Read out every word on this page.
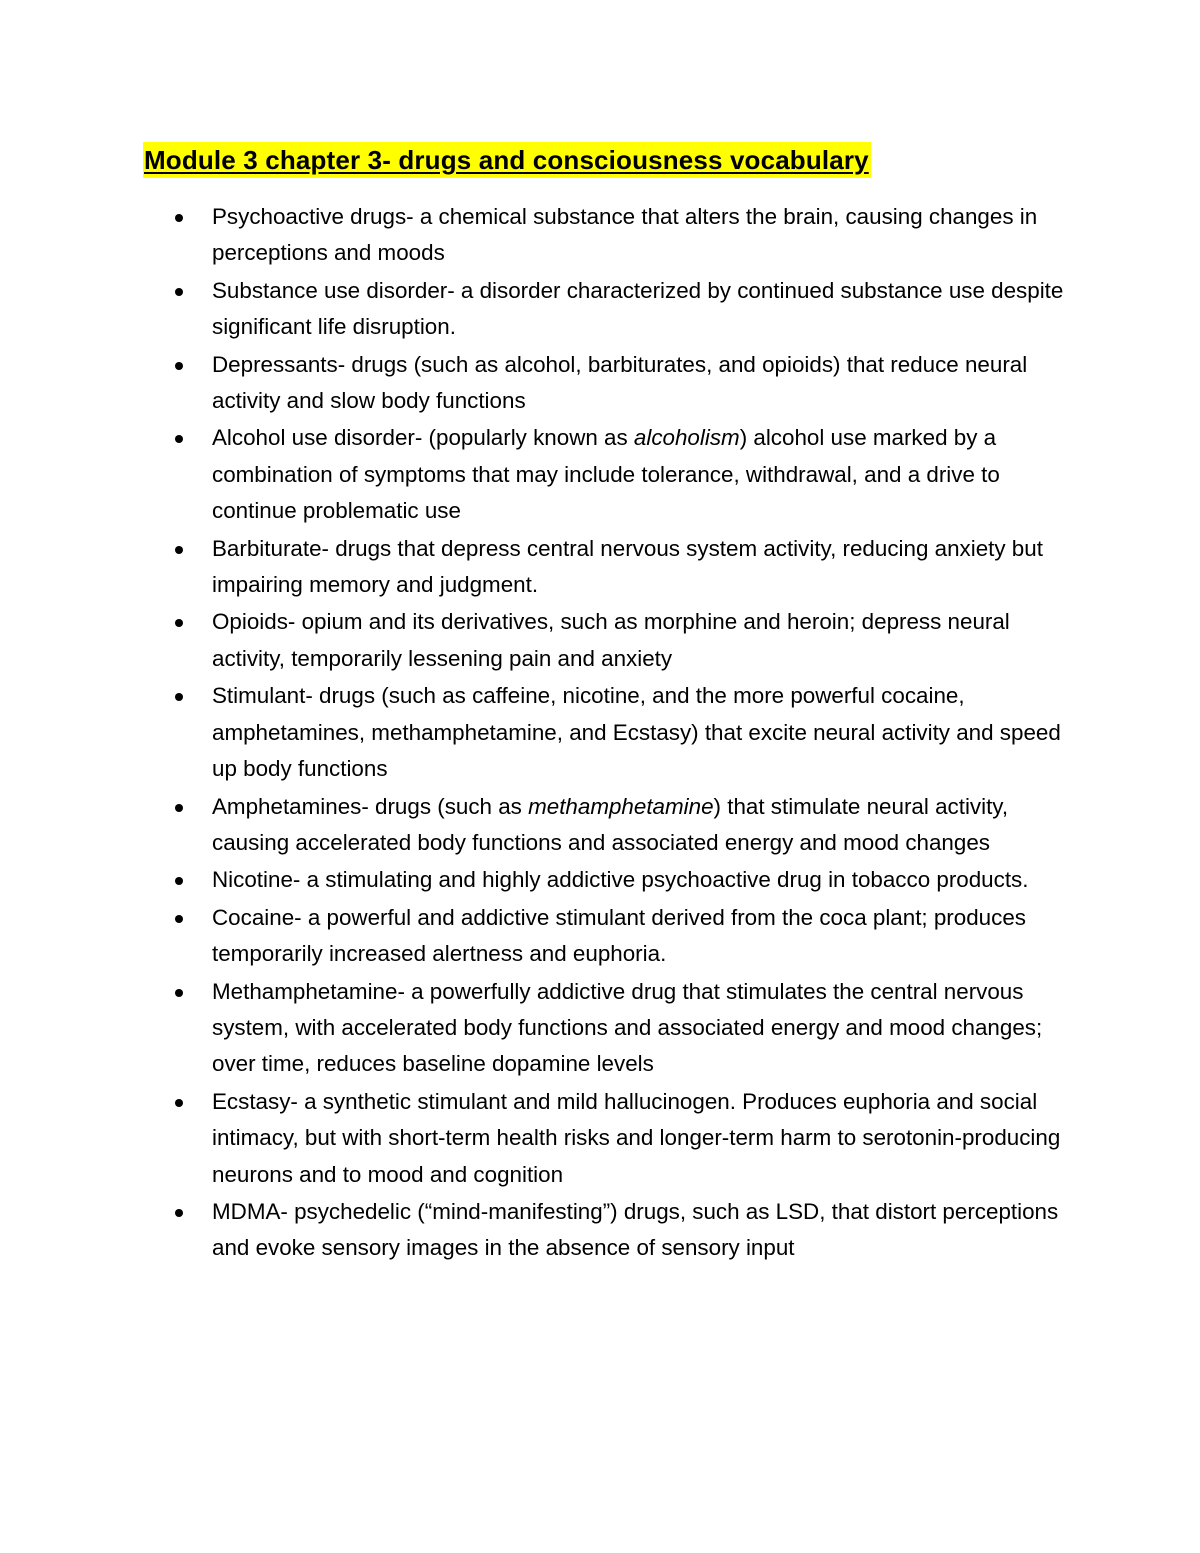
Module 3 chapter 3- drugs and consciousness vocabulary
Psychoactive drugs- a chemical substance that alters the brain, causing changes in perceptions and moods
Substance use disorder- a disorder characterized by continued substance use despite significant life disruption.
Depressants- drugs (such as alcohol, barbiturates, and opioids) that reduce neural activity and slow body functions
Alcohol use disorder- (popularly known as alcoholism) alcohol use marked by a combination of symptoms that may include tolerance, withdrawal, and a drive to continue problematic use
Barbiturate- drugs that depress central nervous system activity, reducing anxiety but impairing memory and judgment.
Opioids- opium and its derivatives, such as morphine and heroin; depress neural activity, temporarily lessening pain and anxiety
Stimulant- drugs (such as caffeine, nicotine, and the more powerful cocaine, amphetamines, methamphetamine, and Ecstasy) that excite neural activity and speed up body functions
Amphetamines- drugs (such as methamphetamine) that stimulate neural activity, causing accelerated body functions and associated energy and mood changes
Nicotine- a stimulating and highly addictive psychoactive drug in tobacco products.
Cocaine- a powerful and addictive stimulant derived from the coca plant; produces temporarily increased alertness and euphoria.
Methamphetamine- a powerfully addictive drug that stimulates the central nervous system, with accelerated body functions and associated energy and mood changes; over time, reduces baseline dopamine levels
Ecstasy- a synthetic stimulant and mild hallucinogen. Produces euphoria and social intimacy, but with short-term health risks and longer-term harm to serotonin-producing neurons and to mood and cognition
MDMA- psychedelic (“mind-manifesting”) drugs, such as LSD, that distort perceptions and evoke sensory images in the absence of sensory input
